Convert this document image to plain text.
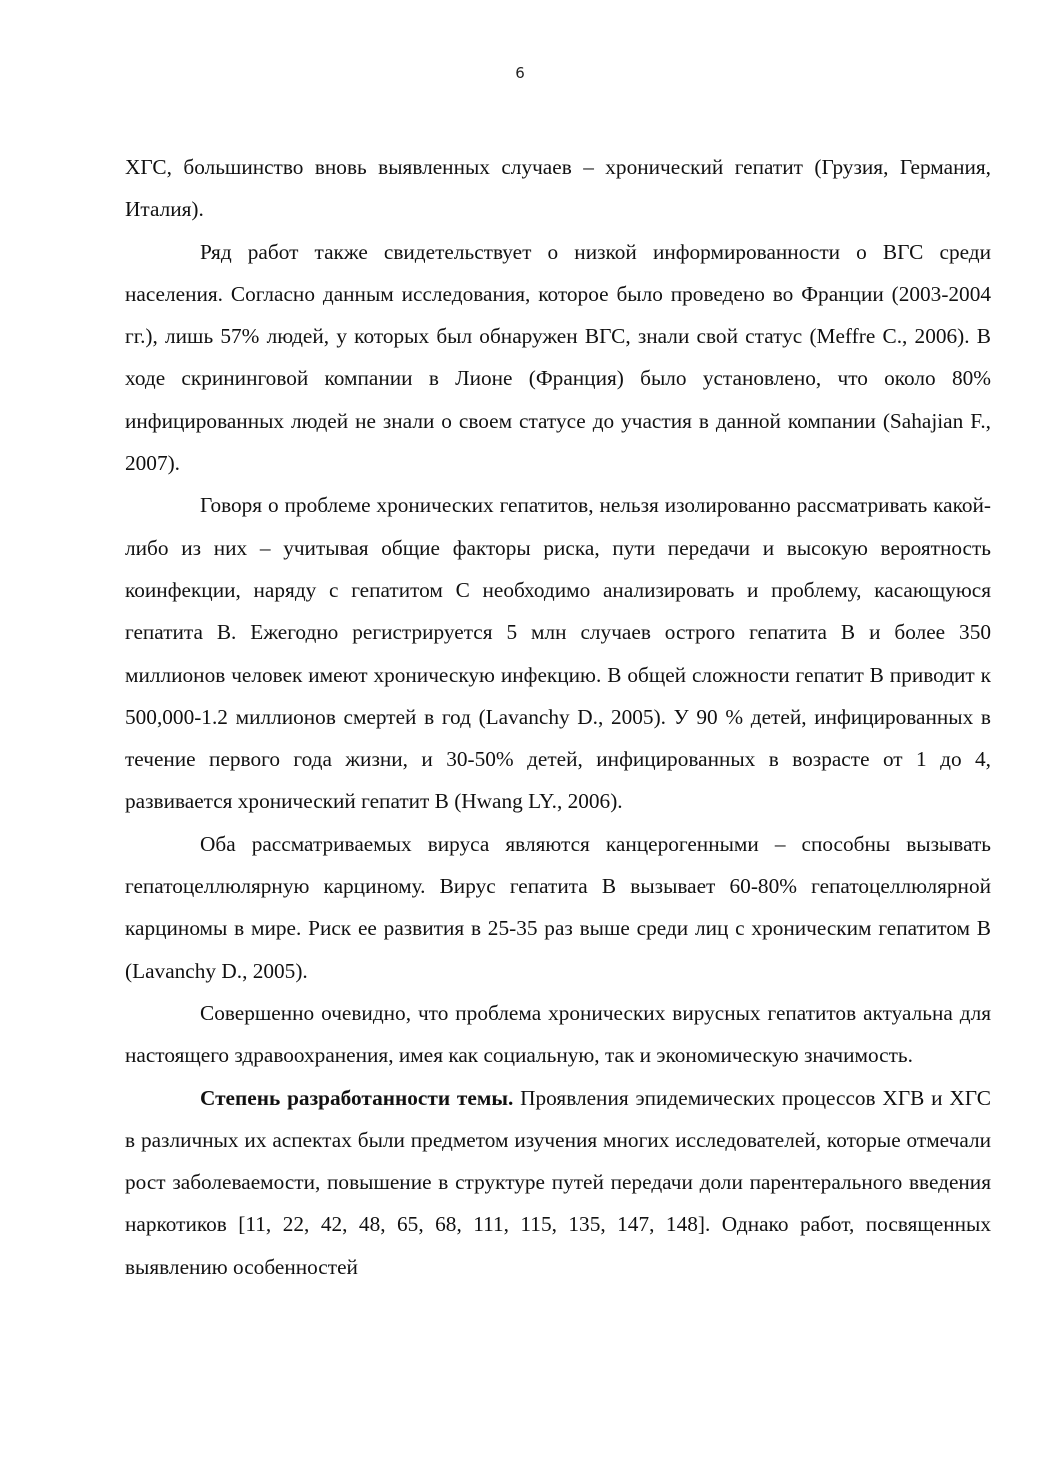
6

ХГС, большинство вновь выявленных случаев – хронический гепатит (Грузия, Германия, Италия).

Ряд работ также свидетельствует о низкой информированности о ВГС среди населения. Согласно данным исследования, которое было проведено во Франции (2003-2004 гг.), лишь 57% людей, у которых был обнаружен ВГС, знали свой статус (Meffre C., 2006). В ходе скрининговой компании в Лионе (Франция) было установлено, что около 80% инфицированных людей не знали о своем статусе до участия в данной компании (Sahajian F., 2007).

Говоря о проблеме хронических гепатитов, нельзя изолированно рассматривать какой-либо из них – учитывая общие факторы риска, пути передачи и высокую вероятность коинфекции, наряду с гепатитом С необходимо анализировать и проблему, касающуюся гепатита В. Ежегодно регистрируется 5 млн случаев острого гепатита В и более 350 миллионов человек имеют хроническую инфекцию. В общей сложности гепатит В приводит к 500,000-1.2 миллионов смертей в год (Lavanchy D., 2005). У 90 % детей, инфицированных в течение первого года жизни, и 30-50% детей, инфицированных в возрасте от 1 до 4, развивается хронический гепатит В (Hwang LY., 2006).

Оба рассматриваемых вируса являются канцерогенными – способны вызывать гепатоцеллюлярную карциному. Вирус гепатита В вызывает 60-80% гепатоцеллюлярной карциномы в мире. Риск ее развития в 25-35 раз выше среди лиц с хроническим гепатитом В (Lavanchy D., 2005).

Совершенно очевидно, что проблема хронических вирусных гепатитов актуальна для настоящего здравоохранения, имея как социальную, так и экономическую значимость.

Степень разработанности темы. Проявления эпидемических процессов ХГВ и ХГС в различных их аспектах были предметом изучения многих исследователей, которые отмечали рост заболеваемости, повышение в структуре путей передачи доли парентерального введения наркотиков [11, 22, 42, 48, 65, 68, 111, 115, 135, 147, 148]. Однако работ, посвященных выявлению особенностей
